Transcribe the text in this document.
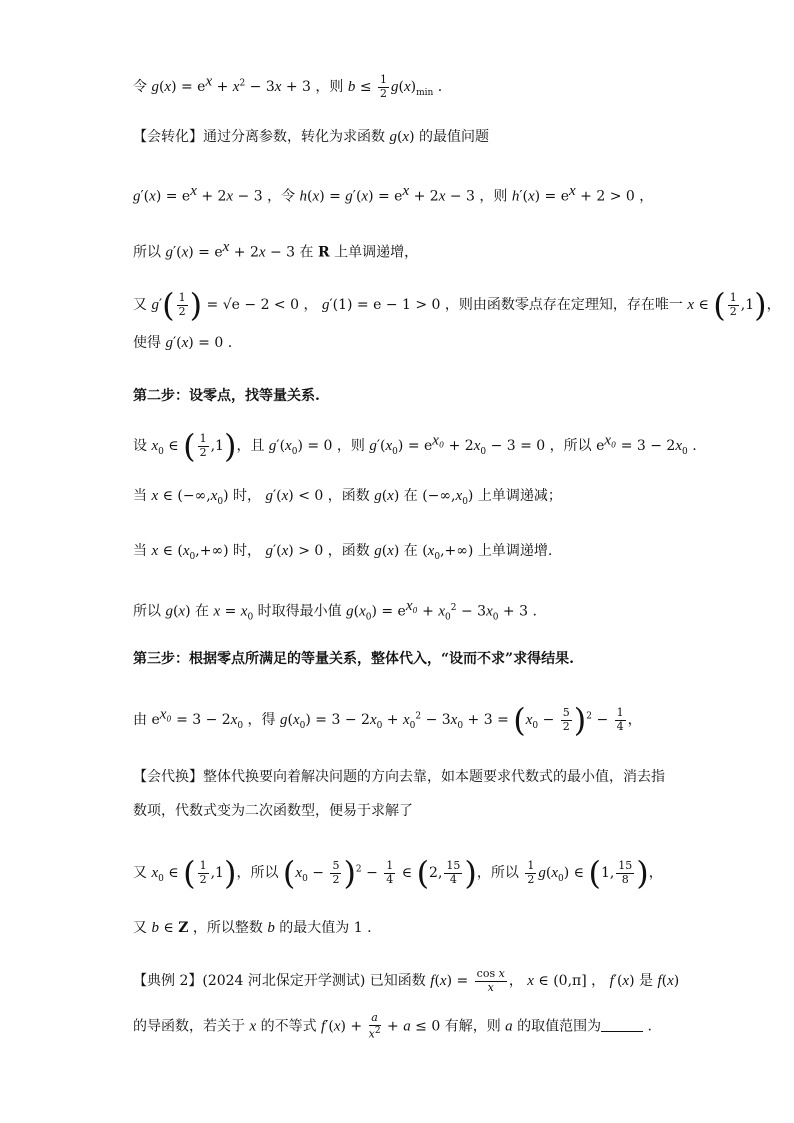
令 $g(x) = e^x + x^2 - 3x + 3$ ，则 $b \le \frac{1}{2} g(x)_{min}$ .
【会转化】通过分离参数，转化为求函数 g(x) 的最值问题
$g'(x) = e^x + 2x - 3$ ，令 $h(x) = g'(x) = e^x + 2x - 3$ ，则 $h'(x) = e^x + 2 > 0$ ，
所以 $g'(x) = e^x + 2x - 3$ 在 R 上单调递增，
又 $g'( \frac{1}{2}$ ) = √e − 2 < 0 ， g′(1) = e − 1 > 0 ，则由函数零点存在定理知，存在唯一 x ∈ ( $\frac{1}{2} ,1$)，
使得 g′(x) = 0 .
第二步：设零点，找等量关系.
设 $x_0$ ∈ ( $\frac{1}{2} ,1$)，且 $g'(x_0) = 0$ ，则 $g'(x_0) = e^{x_0} + 2x_0 - 3 = 0$ ，所以 $e^{x_0} = 3 - 2x_0$ .
当 x ∈ $(-\infty,x_0)$ 时， g′(x) < 0 ，函数 g(x) 在 $(-\infty,x_0)$ 上单调递减；
当 x ∈ $(x_0,+\infty)$ 时， g′(x) > 0 ，函数 g(x) 在 $(x_0,+\infty)$ 上单调递增.
所以 g(x) 在 $x = x_0$ 时取得最小值 $g(x_0) = e^{x_0} + x_0^2 - 3x_0 + 3$ .
第三步：根据零点所满足的等量关系，整体代入，“设而不求”求得结果.
由 $e^{x_0} = 3 - 2x_0$ ，得 $g(x_0) = 3 - 2x_0 + x_0^2 - 3x_0 + 3 = (x_0 - \frac{5}{2} )^2 - \frac{1}{4}$ ，
【会代换】整体代换要向着解决问题的方向去靠，如本题要求代数式的最小值，消去指
数项，代数式变为二次函数型，便易于求解了
又 $x_0$ ∈ ( $\frac{1}{2} ,1$)，所以 $(x_0 - \frac{5}{2} )^2 - \frac{1}{4}$ ∈ (2, $\frac{15}{4}$ )，所以 $\frac{1}{2} g(x_0)$ ∈ (1, $\frac{15}{8}$ )，
又 b ∈ Z ，所以整数 b 的最大值为 1 .
【典例 2】(2024 河北保定开学测试) 已知函数 $f(x) = \frac{\text{cos x}}{x}$ ， x ∈ (0,π] ， f′(x) 是 f(x)
的导函数，若关于 x 的不等式 $f'(x) + \frac{a}{x^2} + a \le 0$ 有解，则 a 的取值范围为	.
